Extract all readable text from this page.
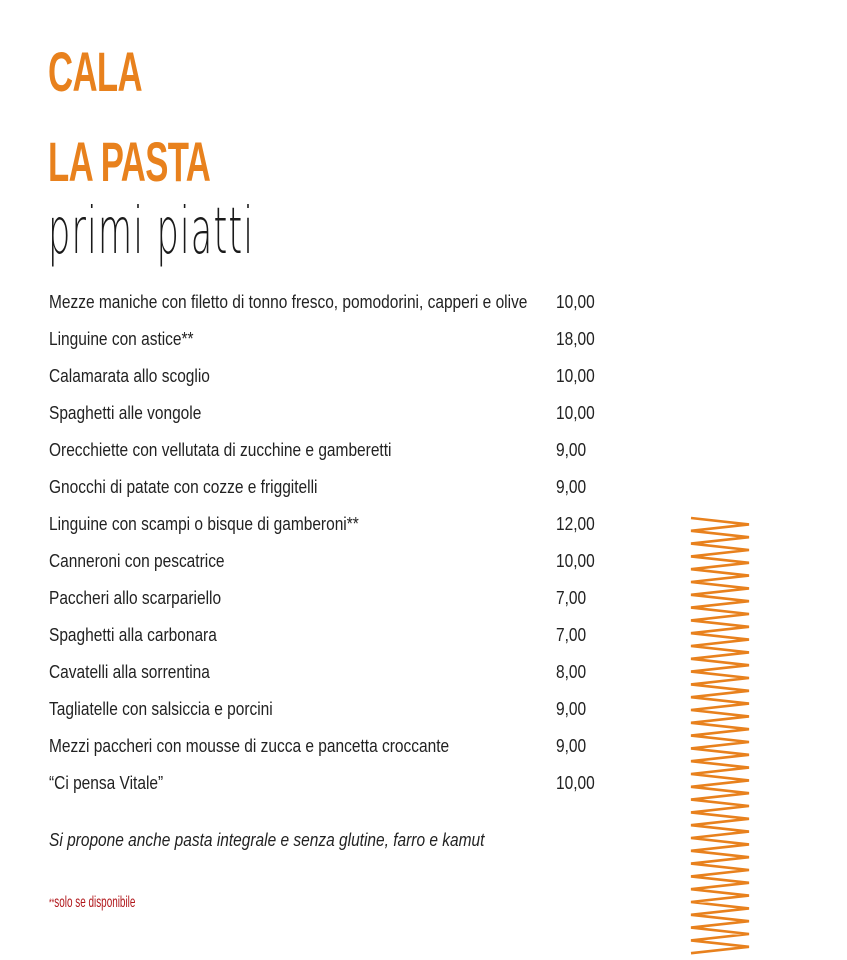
CALA
LA PASTA
primi piatti
Mezze maniche con filetto di tonno fresco, pomodorini, capperi e olive 10,00
Linguine con astice**	18,00
Calamarata allo scoglio	10,00
Spaghetti alle vongole	10,00
Orecchiette con vellutata di zucchine e gamberetti	9,00
Gnocchi di patate con cozze e friggitelli	9,00
Linguine con scampi o bisque di gamberoni**	12,00
Canneroni con pescatrice	10,00
Paccheri allo scarpariello	7,00
Spaghetti alla carbonara	7,00
Cavatelli alla sorrentina	8,00
Tagliatelle con salsiccia e porcini	9,00
Mezzi paccheri con mousse di zucca e pancetta croccante	9,00
“Ci pensa Vitale”	10,00
Si propone anche pasta integrale e senza glutine, farro e kamut
**solo se disponibile
